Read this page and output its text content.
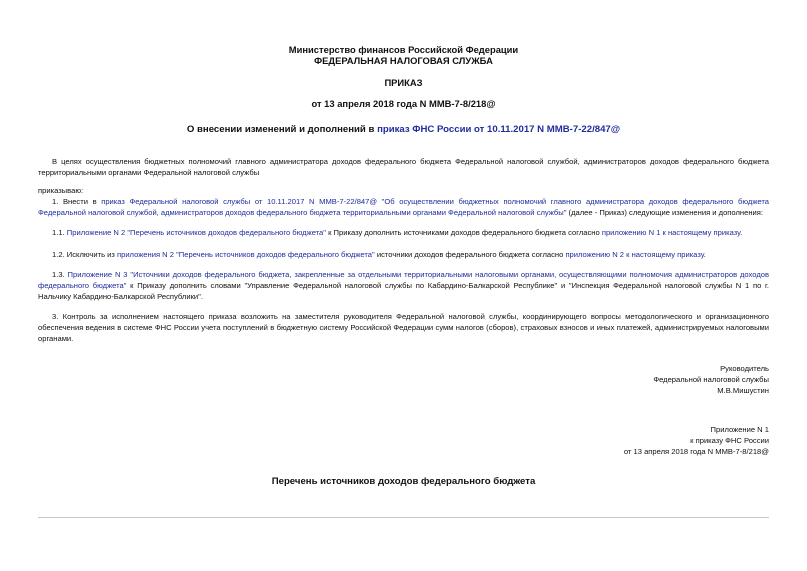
Министерство финансов Российской Федерации
ФЕДЕРАЛЬНАЯ НАЛОГОВАЯ СЛУЖБА
ПРИКАЗ
от 13 апреля 2018 года N ММВ-7-8/218@
О внесении изменений и дополнений в приказ ФНС России от 10.11.2017 N ММВ-7-22/847@
В целях осуществления бюджетных полномочий главного администратора доходов федерального бюджета Федеральной налоговой службой, администраторов доходов федерального бюджета территориальными органами Федеральной налоговой службы
приказываю:
1. Внести в приказ Федеральной налоговой службы от 10.11.2017 N ММВ-7-22/847@ "Об осуществлении бюджетных полномочий главного администратора доходов федерального бюджета Федеральной налоговой службой, администраторов доходов федерального бюджета территориальными органами Федеральной налоговой службы" (далее - Приказ) следующие изменения и дополнения:
1.1. Приложение N 2 "Перечень источников доходов федерального бюджета" к Приказу дополнить источниками доходов федерального бюджета согласно приложению N 1 к настоящему приказу.
1.2. Исключить из приложения N 2 "Перечень источников доходов федерального бюджета" источники доходов федерального бюджета согласно приложению N 2 к настоящему приказу.
1.3. Приложение N 3 "Источники доходов федерального бюджета, закрепленные за отдельными территориальными налоговыми органами, осуществляющими полномочия администраторов доходов федерального бюджета" к Приказу дополнить словами "Управление Федеральной налоговой службы по Кабардино-Балкарской Республике" и "Инспекция Федеральной налоговой службы N 1 по г. Нальчику Кабардино-Балкарской Республики".
3. Контроль за исполнением настоящего приказа возложить на заместителя руководителя Федеральной налоговой службы, координирующего вопросы методологического и организационного обеспечения ведения в системе ФНС России учета поступлений в бюджетную систему Российской Федерации сумм налогов (сборов), страховых взносов и иных платежей, администрируемых налоговыми органами.
Руководитель
Федеральной налоговой службы
М.В.Мишустин
Приложение N 1
к приказу ФНС России
от 13 апреля 2018 года N ММВ-7-8/218@
Перечень источников доходов федерального бюджета
